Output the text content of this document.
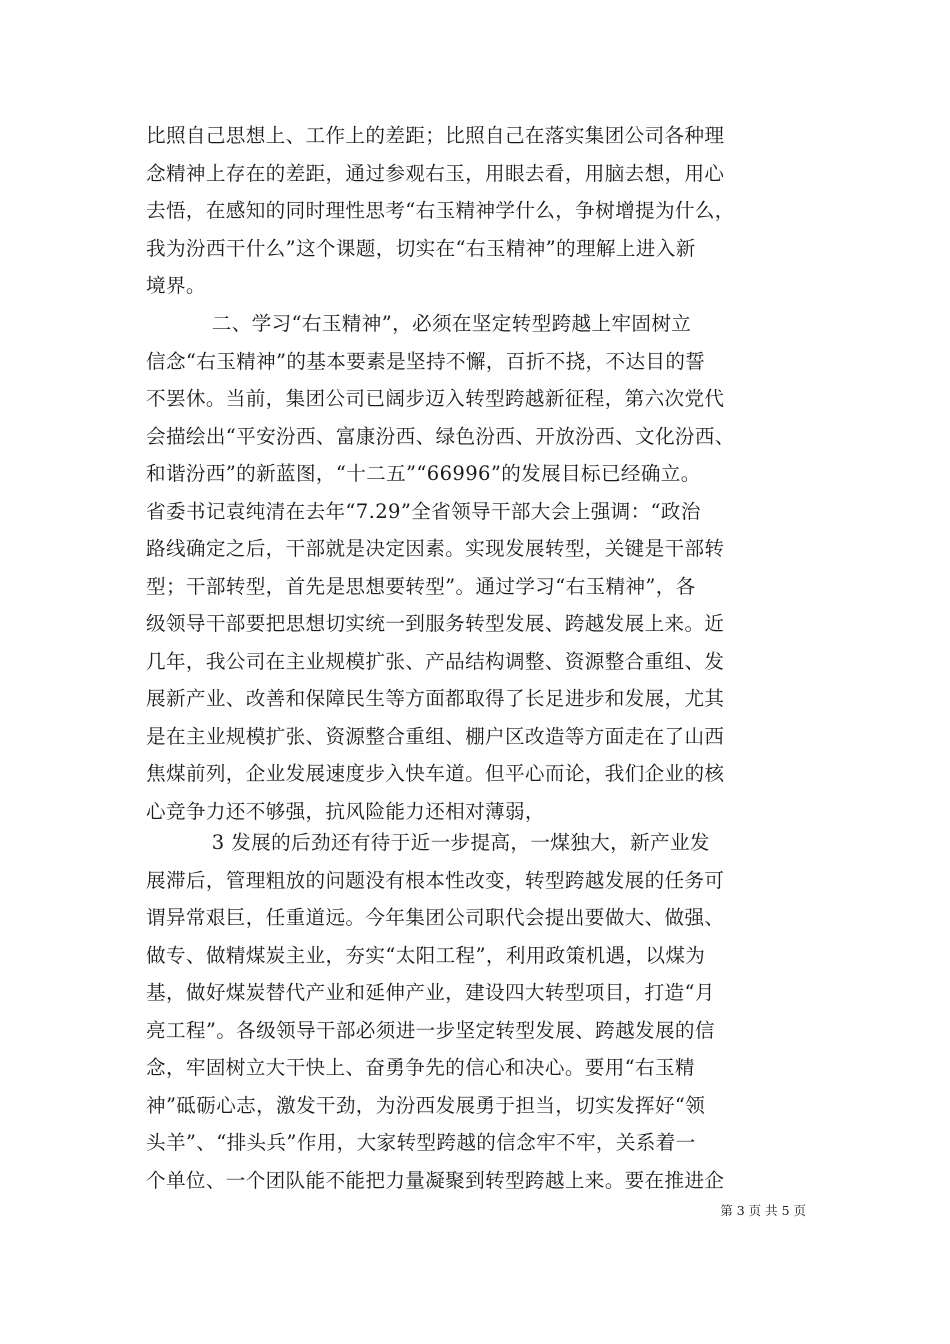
比照自己思想上、工作上的差距；比照自己在落实集团公司各种理
念精神上存在的差距，通过参观右玉，用眼去看，用脑去想，用心
去悟，在感知的同时理性思考“右玉精神学什么，争树增提为什么，
我为汾西干什么”这个课题，切实在“右玉精神”的理解上进入新
境界。
二、学习“右玉精神”，必须在坚定转型跨越上牢固树立
信念“右玉精神”的基本要素是坚持不懈，百折不挠，不达目的誓
不罢休。当前，集团公司已阔步迈入转型跨越新征程，第六次党代
会描绘出“平安汾西、富康汾西、绿色汾西、开放汾西、文化汾西、
和谐汾西”的新蓝图，“十二五”“66996”的发展目标已经确立。
省委书记袁纯清在去年“7.29”全省领导干部大会上强调：“政治
路线确定之后，干部就是决定因素。实现发展转型，关键是干部转
型；干部转型，首先是思想要转型”。通过学习“右玉精神”，各
级领导干部要把思想切实统一到服务转型发展、跨越发展上来。近
几年，我公司在主业规模扩张、产品结构调整、资源整合重组、发
展新产业、改善和保障民生等方面都取得了长足进步和发展，尤其
是在主业规模扩张、资源整合重组、棚户区改造等方面走在了山西
焦煤前列，企业发展速度步入快车道。但平心而论，我们企业的核
心竞争力还不够强，抗风险能力还相对薄弱，
3 发展的后劲还有待于近一步提高，一煤独大，新产业发
展滞后，管理粗放的问题没有根本性改变，转型跨越发展的任务可
谓异常艰巨，任重道远。今年集团公司职代会提出要做大、做强、
做专、做精煤炭主业，夯实“太阳工程”，利用政策机遇，以煤为
基，做好煤炭替代产业和延伸产业，建设四大转型项目，打造“月
亮工程”。各级领导干部必须进一步坚定转型发展、跨越发展的信
念，牢固树立大干快上、奋勇争先的信心和决心。要用“右玉精
神”砥砺心志，激发干劲，为汾西发展勇于担当，切实发挥好“领
头羊”、“排头兵”作用，大家转型跨越的信念牢不牢，关系着一
个单位、一个团队能不能把力量凝聚到转型跨越上来。要在推进企
第 3 页 共 5 页
